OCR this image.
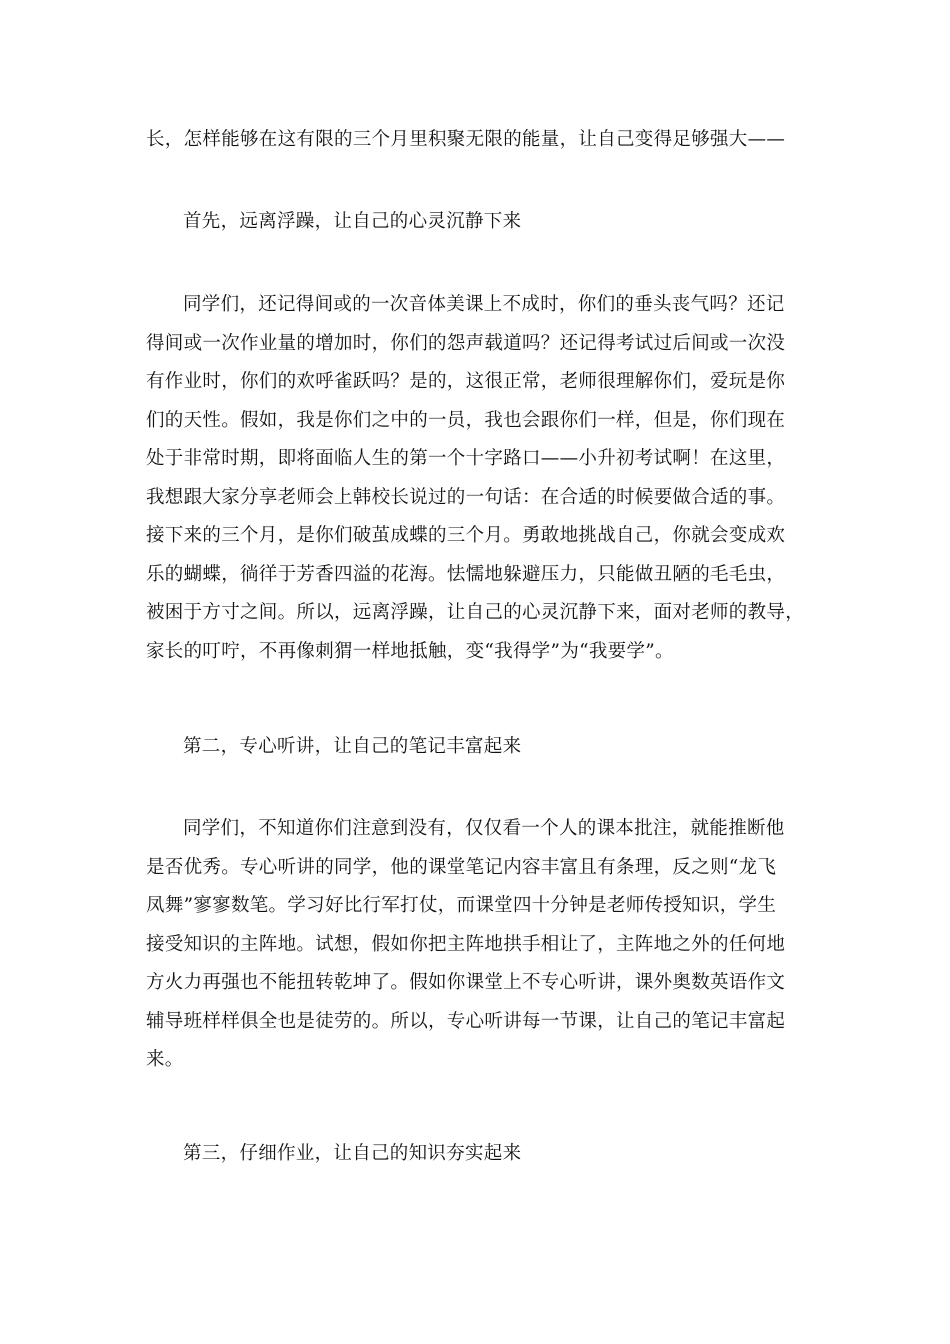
长，怎样能够在这有限的三个月里积聚无限的能量，让自己变得足够强大——
首先，远离浮躁，让自己的心灵沉静下来
同学们，还记得间或的一次音体美课上不成时，你们的垂头丧气吗？还记
得间或一次作业量的增加时，你们的怨声载道吗？还记得考试过后间或一次没
有作业时，你们的欢呼雀跃吗？是的，这很正常，老师很理解你们，爱玩是你
们的天性。假如，我是你们之中的一员，我也会跟你们一样，但是，你们现在
处于非常时期，即将面临人生的第一个十字路口——小升初考试啊！在这里，
我想跟大家分享老师会上韩校长说过的一句话：在合适的时候要做合适的事。
接下来的三个月，是你们破茧成蝶的三个月。勇敢地挑战自己，你就会变成欢
乐的蝴蝶，徜徉于芳香四溢的花海。怯懦地躲避压力，只能做丑陋的毛毛虫，
被困于方寸之间。所以，远离浮躁，让自己的心灵沉静下来，面对老师的教导，
家长的叮咛，不再像刺猬一样地抵触，变“我得学”为“我要学”。
第二，专心听讲，让自己的笔记丰富起来
同学们，不知道你们注意到没有，仅仅看一个人的课本批注，就能推断他
是否优秀。专心听讲的同学，他的课堂笔记内容丰富且有条理，反之则“龙飞
凤舞”寥寥数笔。学习好比行军打仗，而课堂四十分钟是老师传授知识，学生
接受知识的主阵地。试想，假如你把主阵地拱手相让了，主阵地之外的任何地
方火力再强也不能扭转乾坤了。假如你课堂上不专心听讲，课外奥数英语作文
辅导班样样俱全也是徒劳的。所以，专心听讲每一节课，让自己的笔记丰富起
来。
第三，仔细作业，让自己的知识夯实起来
